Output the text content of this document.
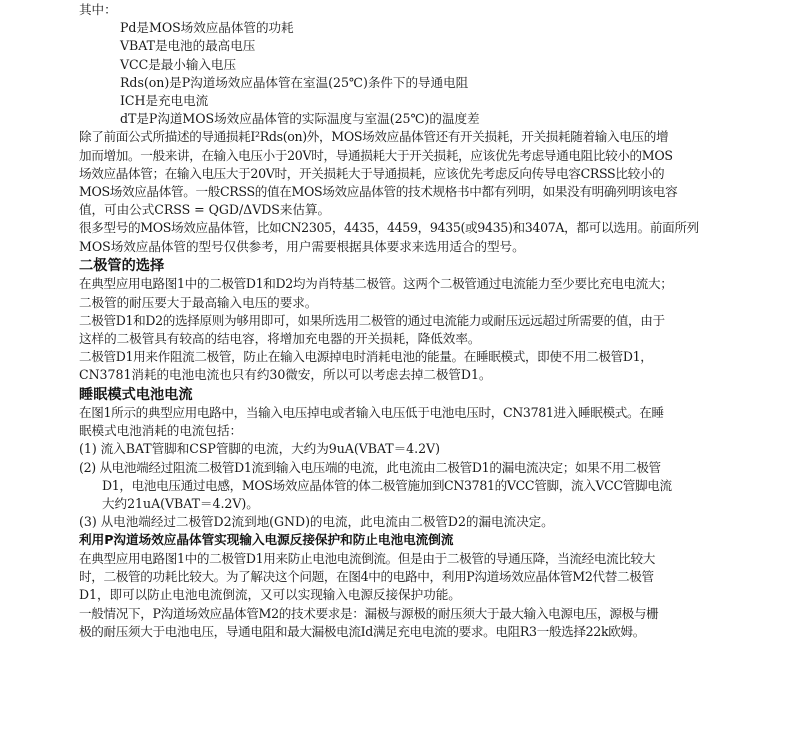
其中：

Pd是MOS场效应晶体管的功耗

VBAT是电池的最高电压

VCC是最小输入电压

Rds(on)是P沟道场效应晶体管在室温(25℃)条件下的导通电阻

ICH是充电电流

dT是P沟道MOS场效应晶体管的实际温度与室温(25℃)的温度差

除了前面公式所描述的导通损耗I²Rds(on)外，MOS场效应晶体管还有开关损耗，开关损耗随着输入电压的增

加而增加。一般来讲，在输入电压小于20V时，导通损耗大于开关损耗，应该优先考虑导通电阻比较小的MOS

场效应晶体管；在输入电压大于20V时，开关损耗大于导通损耗，应该优先考虑反向传导电容CRSS比较小的

MOS场效应晶体管。一般CRSS的值在MOS场效应晶体管的技术规格书中都有列明，如果没有明确列明该电容

值，可由公式CRSS = QGD/ΔVDS来估算。

很多型号的MOS场效应晶体管，比如CN2305，4435，4459，9435(或9435)和3407A，都可以选用。前面所列

MOS场效应晶体管的型号仅供参考，用户需要根据具体要求来选用适合的型号。

二极管的选择

在典型应用电路图1中的二极管D1和D2均为肖特基二极管。这两个二极管通过电流能力至少要比充电电流大；

二极管的耐压要大于最高输入电压的要求。

二极管D1和D2的选择原则为够用即可，如果所选用二极管的通过电流能力或耐压远远超过所需要的值，由于

这样的二极管具有较高的结电容，将增加充电器的开关损耗，降低效率。

二极管D1用来作阻流二极管，防止在输入电源掉电时消耗电池的能量。在睡眠模式，即使不用二极管D1，

CN3781消耗的电池电流也只有约30微安，所以可以考虑去掉二极管D1。

睡眠模式电池电流

在图1所示的典型应用电路中，当输入电压掉电或者输入电压低于电池电压时，CN3781进入睡眠模式。在睡

眠模式电池消耗的电流包括：

(1) 流入BAT管脚和CSP管脚的电流，大约为9uA(VBAT＝4.2V)

(2) 从电池端经过阻流二极管D1流到输入电压端的电流，此电流由二极管D1的漏电流决定；如果不用二极管

D1，电池电压通过电感，MOS场效应晶体管的体二极管施加到CN3781的VCC管脚，流入VCC管脚电流

大约21uA(VBAT＝4.2V)。

(3) 从电池端经过二极管D2流到地(GND)的电流，此电流由二极管D2的漏电流决定。

利用P沟道场效应晶体管实现输入电源反接保护和防止电池电流倒流

在典型应用电路图1中的二极管D1用来防止电池电流倒流。但是由于二极管的导通压降，当流经电流比较大

时，二极管的功耗比较大。为了解决这个问题，在图4中的电路中，利用P沟道场效应晶体管M2代替二极管

D1，即可以防止电池电流倒流，又可以实现输入电源反接保护功能。

一般情况下，P沟道场效应晶体管M2的技术要求是：漏极与源极的耐压须大于最大输入电源电压，源极与栅

极的耐压须大于电池电压，导通电阻和最大漏极电流Id满足充电电流的要求。电阻R3一般选择22k欧姆。
